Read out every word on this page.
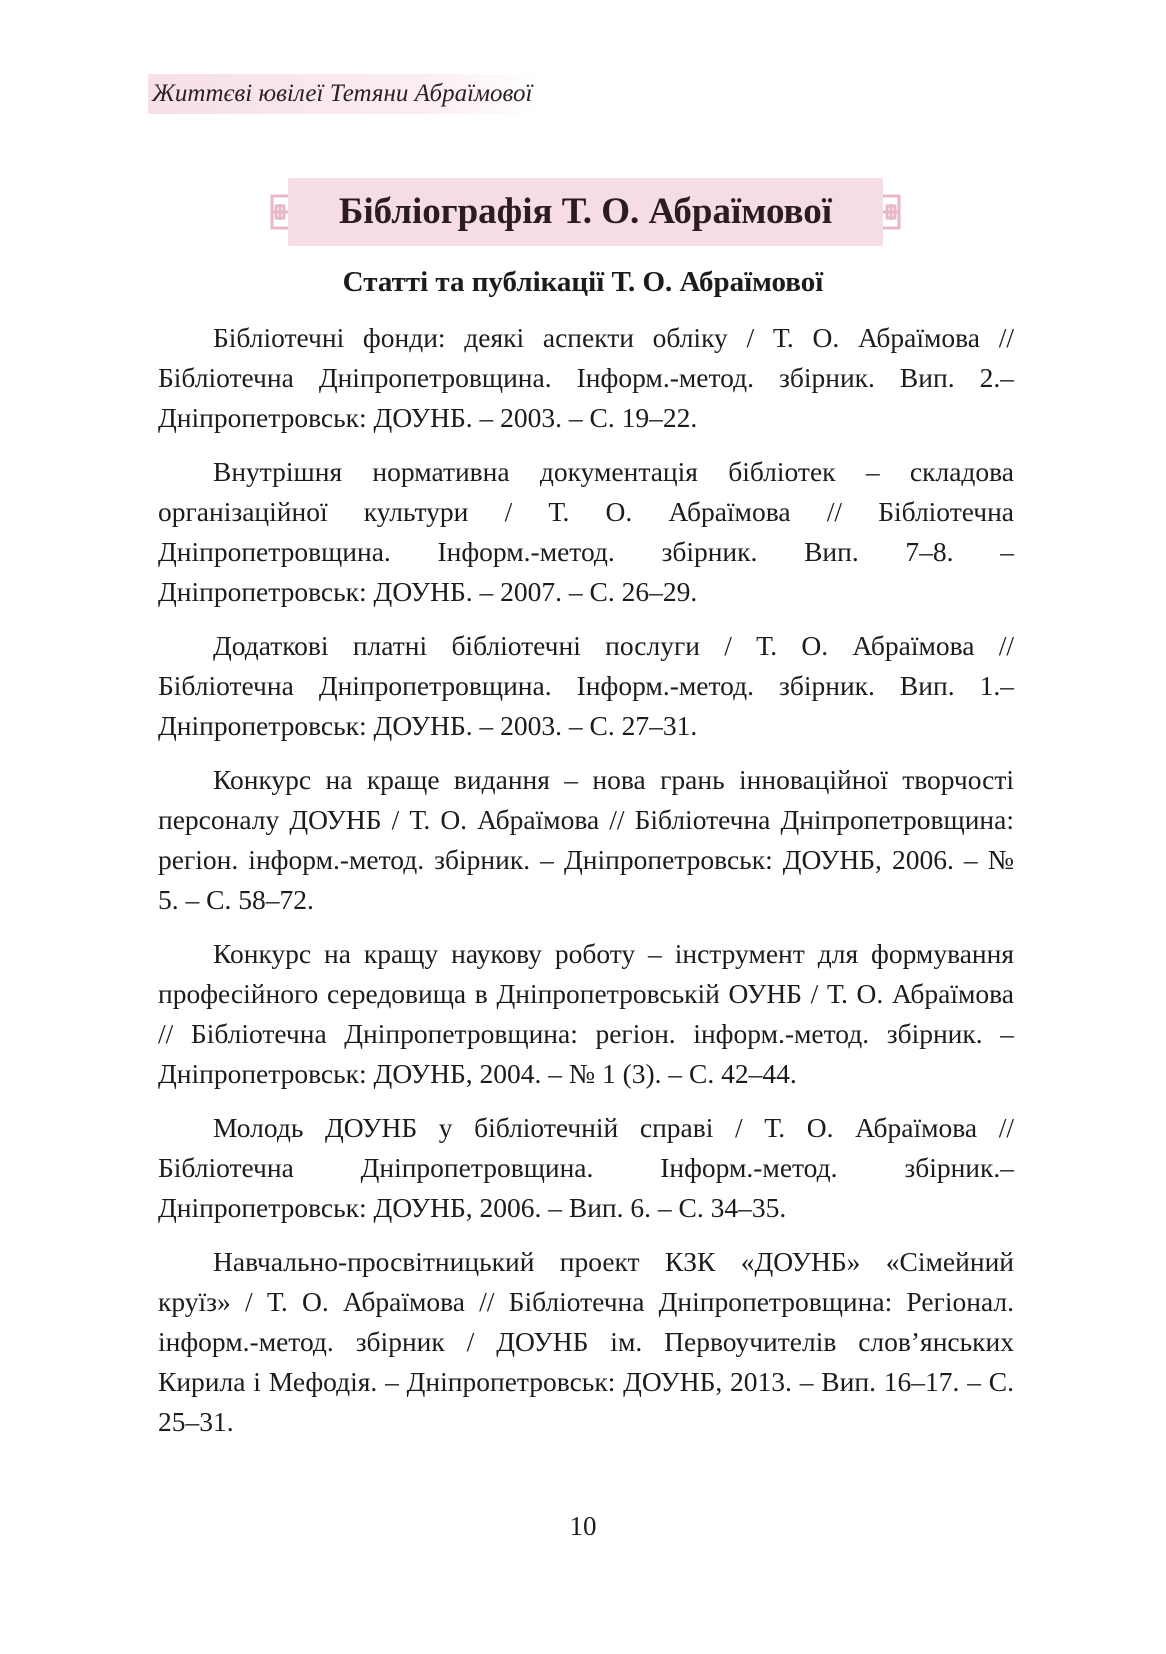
Життєві ювілеї Тетяни Абраїмової
Бібліографія Т. О. Абраїмової
Статті та публікації Т. О. Абраїмової

Бібліотечні фонди: деякі аспекти обліку / Т. О. Абраїмова // Бібліотечна Дніпропетровщина. Інформ.-метод. збірник. Вип. 2.– Дніпропетровськ: ДОУНБ. – 2003. – С. 19–22.

Внутрішня нормативна документація бібліотек – складова організаційної культури / Т. О. Абраїмова // Бібліотечна Дніпропетровщина. Інформ.-метод. збірник. Вип. 7–8. – Дніпропетровськ: ДОУНБ. – 2007. – С. 26–29.

Додаткові платні бібліотечні послуги / Т. О. Абраїмова // Бібліотечна Дніпропетровщина. Інформ.-метод. збірник. Вип. 1.– Дніпропетровськ: ДОУНБ. – 2003. – С. 27–31.

Конкурс на краще видання – нова грань інноваційної творчості персоналу ДОУНБ / Т. О. Абраїмова // Бібліотечна Дніпропетровщина: регіон. інформ.-метод. збірник. – Дніпропетровськ: ДОУНБ, 2006. – № 5. – С. 58–72.

Конкурс на кращу наукову роботу – інструмент для формування професійного середовища в Дніпропетровській ОУНБ / Т. О. Абраїмова // Бібліотечна Дніпропетровщина: регіон. інформ.-метод. збірник. – Дніпропетровськ: ДОУНБ, 2004. – № 1 (3). – С. 42–44.

Молодь ДОУНБ у бібліотечній справі / Т. О. Абраїмова // Бібліотечна Дніпропетровщина. Інформ.-метод. збірник.– Дніпропетровськ: ДОУНБ, 2006. – Вип. 6. – С. 34–35.

Навчально-просвітницький проект КЗК «ДОУНБ» «Сімейний круїз» / Т. О. Абраїмова // Бібліотечна Дніпропетровщина: Регіонал. інформ.-метод. збірник / ДОУНБ ім. Первоучителів слов’янських Кирила і Мефодія. – Дніпропетровськ: ДОУНБ, 2013. – Вип. 16–17. – С. 25–31.

10
